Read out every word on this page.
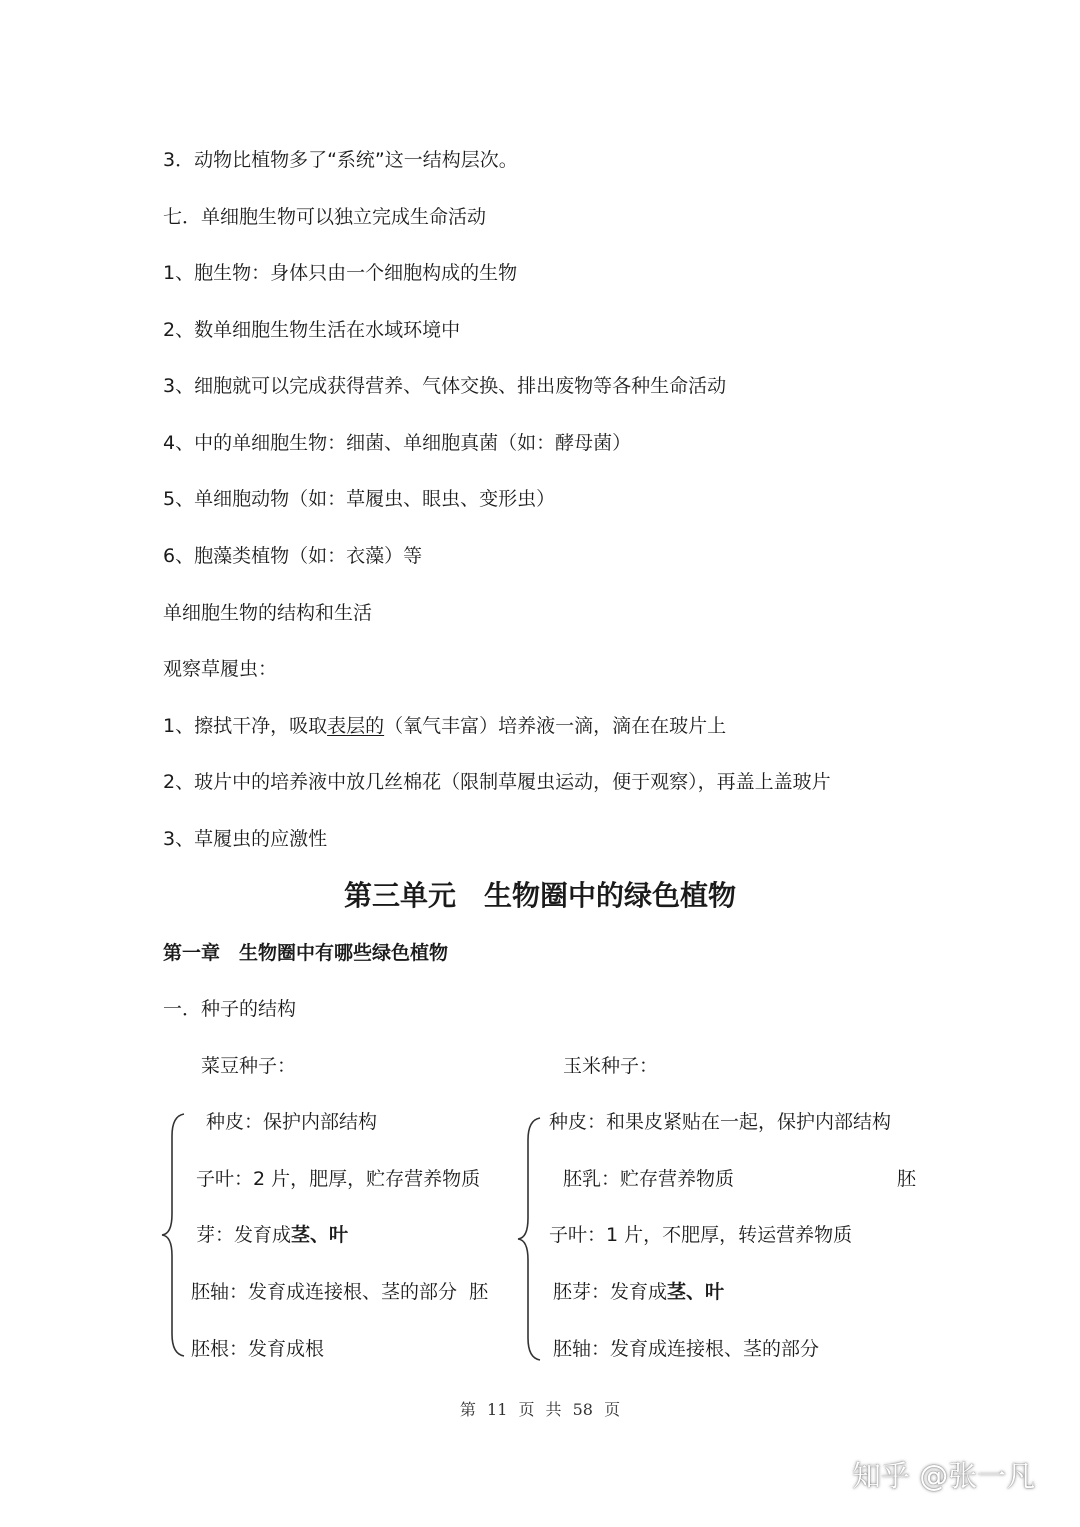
3．动物比植物多了“系统”这一结构层次。
七．单细胞生物可以独立完成生命活动
1、胞生物：身体只由一个细胞构成的生物
2、数单细胞生物生活在水域环境中
3、细胞就可以完成获得营养、气体交换、排出废物等各种生命活动
4、中的单细胞生物：细菌、单细胞真菌（如：酵母菌）
5、单细胞动物（如：草履虫、眼虫、变形虫）
6、胞藻类植物（如：衣藻）等
单细胞生物的结构和生活
观察草履虫：
1、擦拭干净，吸取表层的（氧气丰富）培养液一滴，滴在在玻片上
2、玻片中的培养液中放几丝棉花（限制草履虫运动，便于观察），再盖上盖玻片
3、草履虫的应激性
第三单元　生物圈中的绿色植物
第一章　生物圈中有哪些绿色植物
一．种子的结构
菜豆种子：	玉米种子：
种皮：保护内部结构
子叶：2 片，肥厚，贮存营养物质
芽：发育成茎、叶
胚轴：发育成连接根、茎的部分  胚
胚根：发育成根
种皮：和果皮紧贴在一起，保护内部结构
胚乳：贮存营养物质	胚
子叶：1 片，不肥厚，转运营养物质
胚芽：发育成茎、叶
胚轴：发育成连接根、茎的部分
第 11 页 共 58 页
知乎 @张一凡
